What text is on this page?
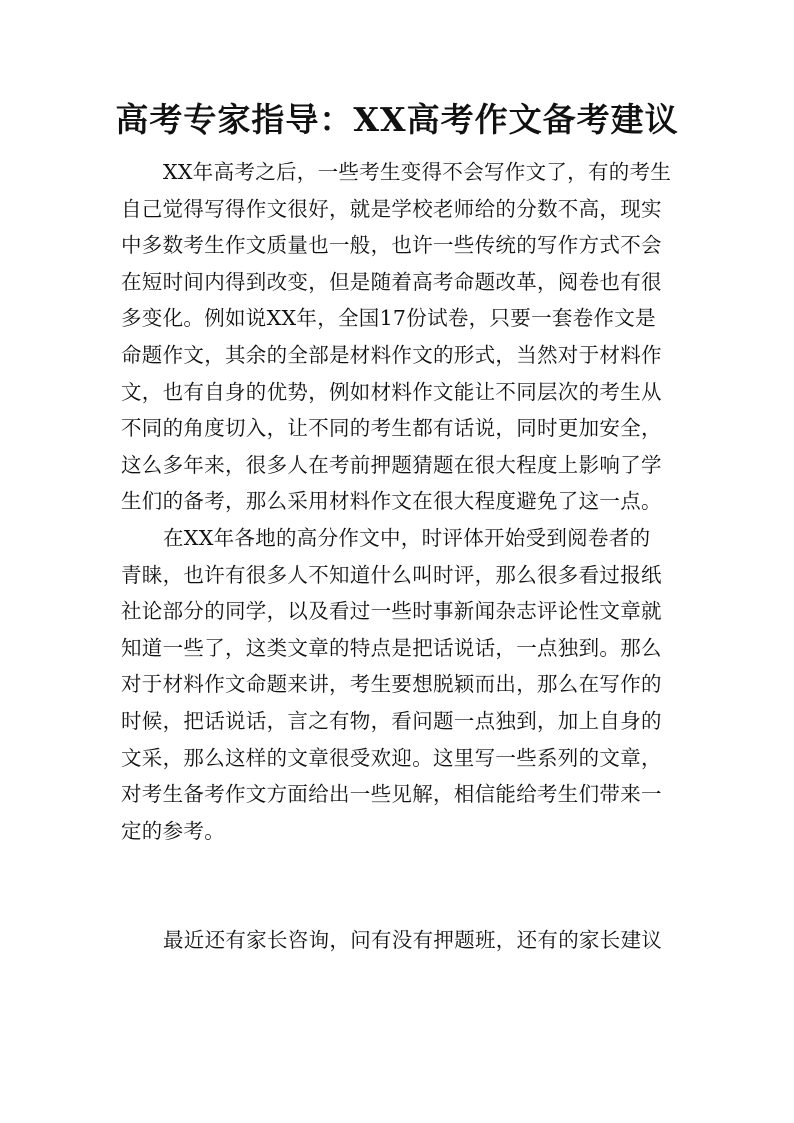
高考专家指导：XX高考作文备考建议
XX年高考之后，一些考生变得不会写作文了，有的考生
自己觉得写得作文很好，就是学校老师给的分数不高，现实
中多数考生作文质量也一般，也许一些传统的写作方式不会
在短时间内得到改变，但是随着高考命题改革，阅卷也有很
多变化。例如说XX年，全国17份试卷，只要一套卷作文是
命题作文，其余的全部是材料作文的形式，当然对于材料作
文，也有自身的优势，例如材料作文能让不同层次的考生从
不同的角度切入，让不同的考生都有话说，同时更加安全，
这么多年来，很多人在考前押题猜题在很大程度上影响了学
生们的备考，那么采用材料作文在很大程度避免了这一点。
在XX年各地的高分作文中，时评体开始受到阅卷者的
青睐，也许有很多人不知道什么叫时评，那么很多看过报纸
社论部分的同学，以及看过一些时事新闻杂志评论性文章就
知道一些了，这类文章的特点是把话说话，一点独到。那么
对于材料作文命题来讲，考生要想脱颖而出，那么在写作的
时候，把话说话，言之有物，看问题一点独到，加上自身的
文采，那么这样的文章很受欢迎。这里写一些系列的文章，
对考生备考作文方面给出一些见解，相信能给考生们带来一
定的参考。
最近还有家长咨询，问有没有押题班，还有的家长建议
